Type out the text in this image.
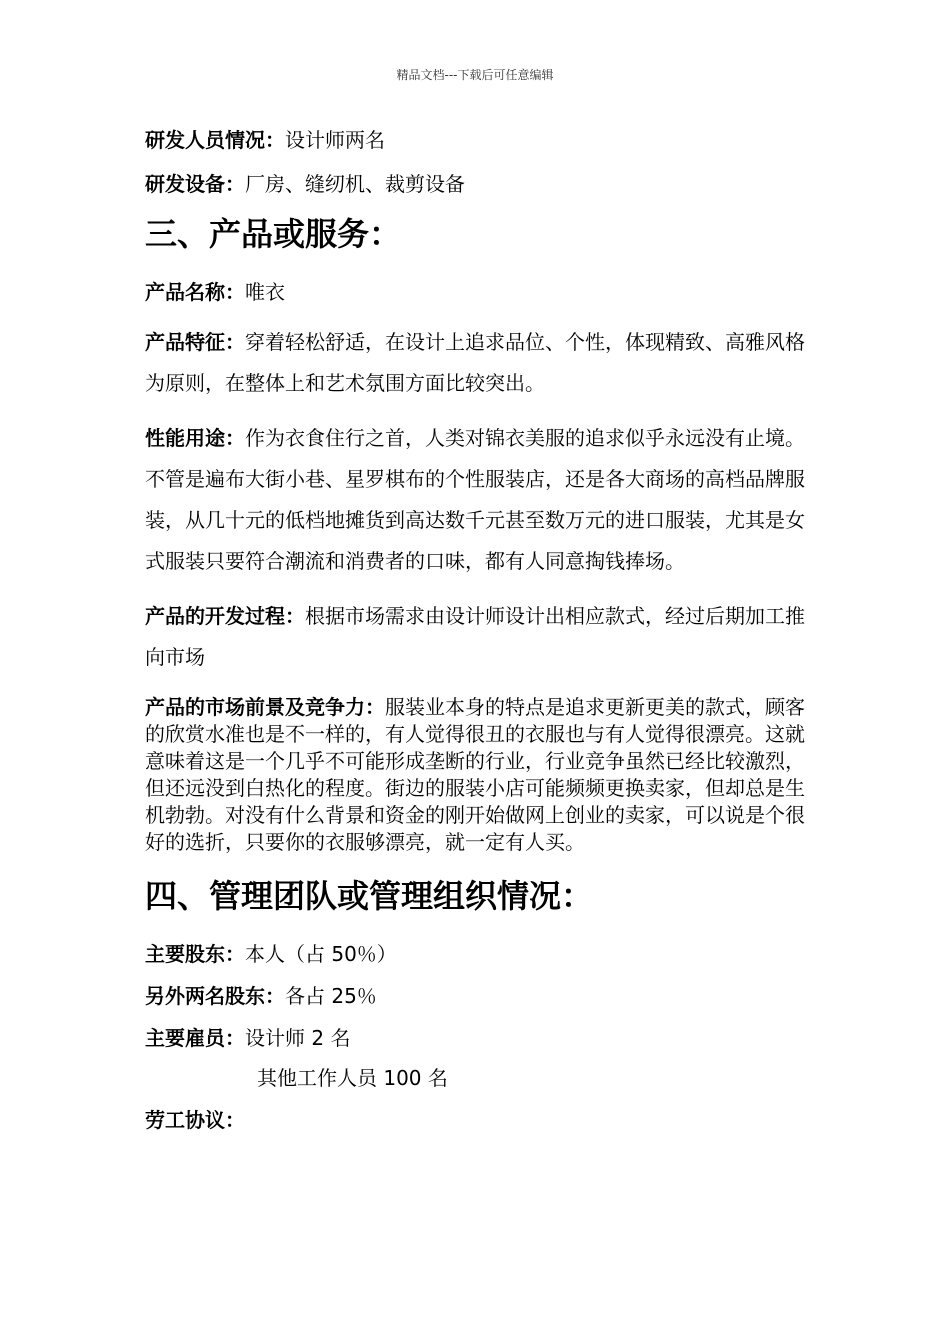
精品文档---下载后可任意编辑

研发人员情况：设计师两名

研发设备：厂房、缝纫机、裁剪设备

三、产品或服务：

产品名称：唯衣

产品特征：穿着轻松舒适，在设计上追求品位、个性，体现精致、高雅风格为原则，在整体上和艺术氛围方面比较突出。

性能用途：作为衣食住行之首，人类对锦衣美服的追求似乎永远没有止境。不管是遍布大街小巷、星罗棋布的个性服装店，还是各大商场的高档品牌服装，从几十元的低档地摊货到高达数千元甚至数万元的进口服装，尤其是女式服装只要符合潮流和消费者的口味，都有人同意掏钱捧场。

产品的开发过程：根据市场需求由设计师设计出相应款式，经过后期加工推向市场

产品的市场前景及竞争力：服装业本身的特点是追求更新更美的款式，顾客的欣赏水准也是不一样的，有人觉得很丑的衣服也与有人觉得很漂亮。这就意味着这是一个几乎不可能形成垄断的行业，行业竞争虽然已经比较激烈，但还远没到白热化的程度。街边的服装小店可能频频更换卖家，但却总是生机勃勃。对没有什么背景和资金的刚开始做网上创业的卖家，可以说是个很好的选折，只要你的衣服够漂亮，就一定有人买。

四、管理团队或管理组织情况：

主要股东：本人（占 50％）

另外两名股东：各占 25％

主要雇员：设计师 2 名

其他工作人员 100 名

劳工协议：
